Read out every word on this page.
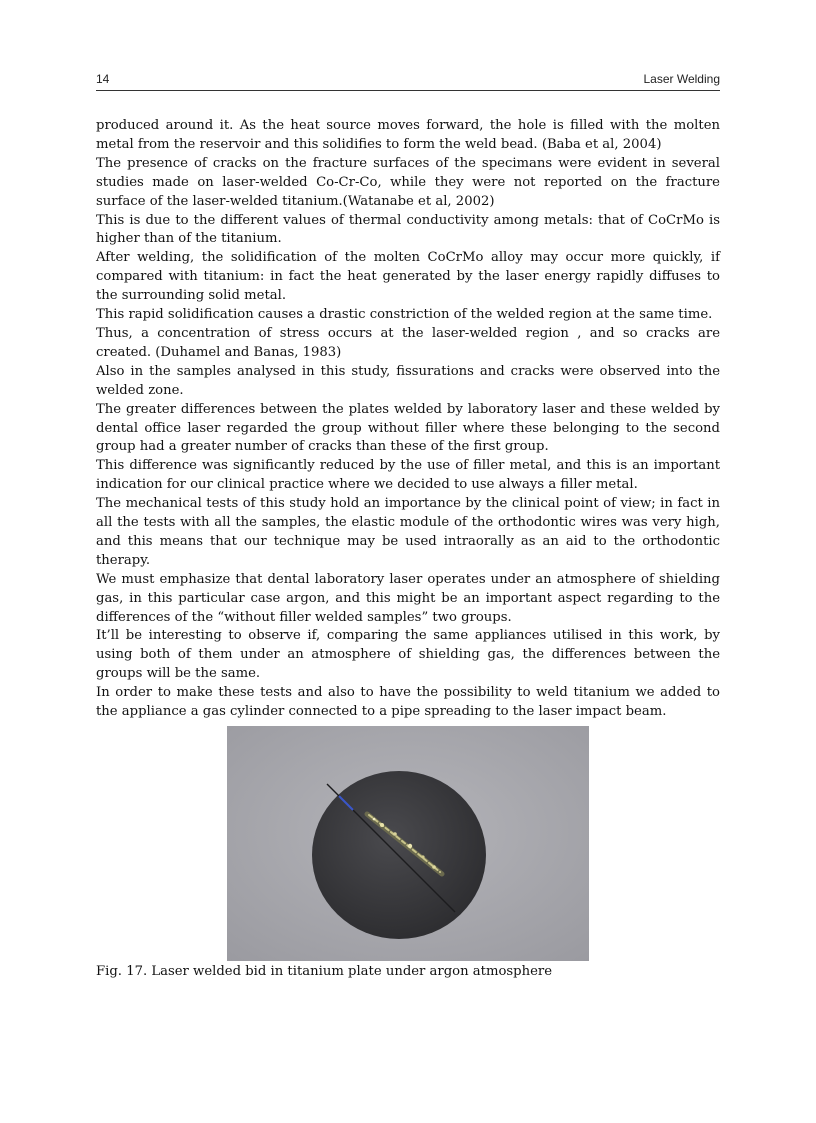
14	Laser Welding

produced around it. As the heat source moves forward, the hole is filled with the molten metal from the reservoir and this solidifies to form the weld bead. (Baba et al, 2004)

The presence of cracks on the fracture surfaces of the specimans were evident in several studies made on laser-welded Co-Cr-Co, while they were not reported on the fracture surface of the laser-welded titanium.(Watanabe et al, 2002)

This is due to the different values of thermal conductivity among metals: that of CoCrMo is higher than of the titanium.

After welding, the solidification of the molten CoCrMo alloy may occur more quickly, if compared with titanium: in fact the heat generated by the laser energy rapidly diffuses to the surrounding solid metal.

This rapid solidification causes a drastic constriction of the welded region at the same time.

Thus, a concentration of stress occurs at the laser-welded region , and so cracks are created. (Duhamel and Banas, 1983)

Also in the samples analysed in this study, fissurations and cracks were observed into the welded zone.

The greater differences between the plates welded by laboratory laser and these welded by dental office laser regarded the group without filler where these belonging to the second group had a greater number of cracks than these of the first group.

This difference was significantly reduced by the use of filler metal, and this is an important indication for our clinical practice where we decided to use always a filler metal.

The mechanical tests of this study hold an importance by the clinical point of view; in fact in all the tests with all the samples, the elastic module of the orthodontic wires was very high, and this means that our technique may be used intraorally as an aid to the orthodontic therapy.

We must emphasize that dental laboratory laser operates under an atmosphere of shielding gas, in this particular case argon, and this might be an important aspect regarding to the differences of the “without filler welded samples” two groups.

It’ll be interesting to observe if, comparing the same appliances utilised in this work, by using both of them under an atmosphere of shielding gas, the differences between the groups will be the same.

In order to make these tests and also to have the possibility to weld titanium we added to the appliance a gas cylinder connected to a pipe spreading to the laser impact beam.

Fig. 17. Laser welded bid in titanium plate under argon atmosphere
